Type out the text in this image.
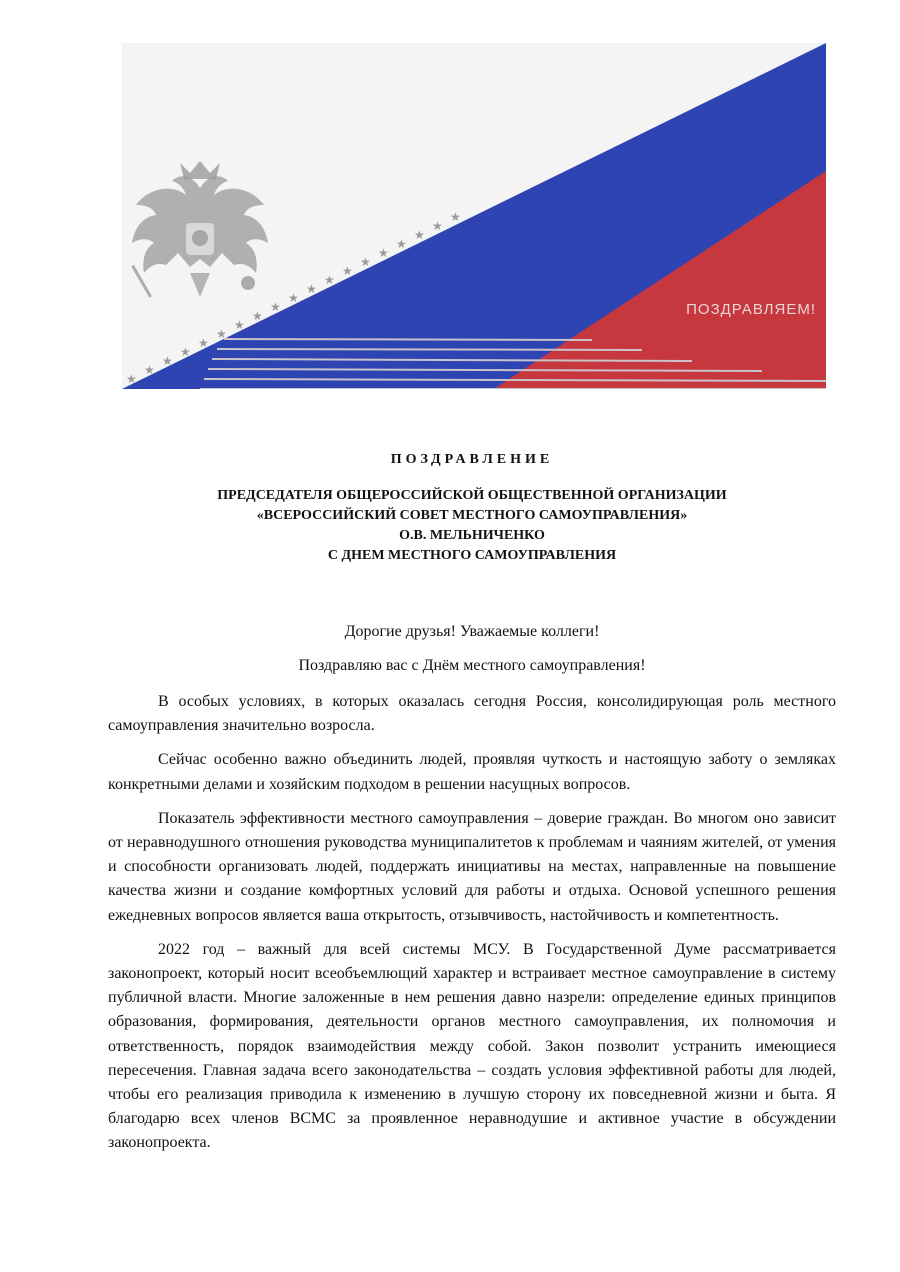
★
★
★
★
★
★
★
★
★
★
★
★
★
★
★
★
★
★
★
ПОЗДРАВЛЯЕМ!
ПОЗДРАВЛЕНИЕ
ПРЕДСЕДАТЕЛЯ ОБЩЕРОССИЙСКОЙ ОБЩЕСТВЕННОЙ ОРГАНИЗАЦИИ
«ВСЕРОССИЙСКИЙ СОВЕТ МЕСТНОГО САМОУПРАВЛЕНИЯ»
О.В. МЕЛЬНИЧЕНКО
С ДНЕМ МЕСТНОГО САМОУПРАВЛЕНИЯ
Дорогие друзья! Уважаемые коллеги!
Поздравляю вас с Днём местного самоуправления!

В особых условиях, в которых оказалась сегодня Россия, консолидирующая роль местного самоуправления значительно возросла.

Сейчас особенно важно объединить людей, проявляя чуткость и настоящую заботу о земляках конкретными делами и хозяйским подходом в решении насущных вопросов.

Показатель эффективности местного самоуправления – доверие граждан. Во многом оно зависит от неравнодушного отношения руководства муниципалитетов к проблемам и чаяниям жителей, от умения и способности организовать людей, поддержать инициативы на местах, направленные на повышение качества жизни и создание комфортных условий для работы и отдыха. Основой успешного решения ежедневных вопросов является ваша открытость, отзывчивость, настойчивость и компетентность.

2022 год – важный для всей системы МСУ. В Государственной Думе рассматривается законопроект, который носит всеобъемлющий характер и встраивает местное самоуправление в систему публичной власти. Многие заложенные в нем решения давно назрели: определение единых принципов образования, формирования, деятельности органов местного самоуправления, их полномочия и ответственность, порядок взаимодействия между собой. Закон позволит устранить имеющиеся пересечения. Главная задача всего законодательства – создать условия эффективной работы для людей, чтобы его реализация приводила к изменению в лучшую сторону их повседневной жизни и быта. Я благодарю всех членов ВСМС за проявленное неравнодушие и активное участие в обсуждении законопроекта.
